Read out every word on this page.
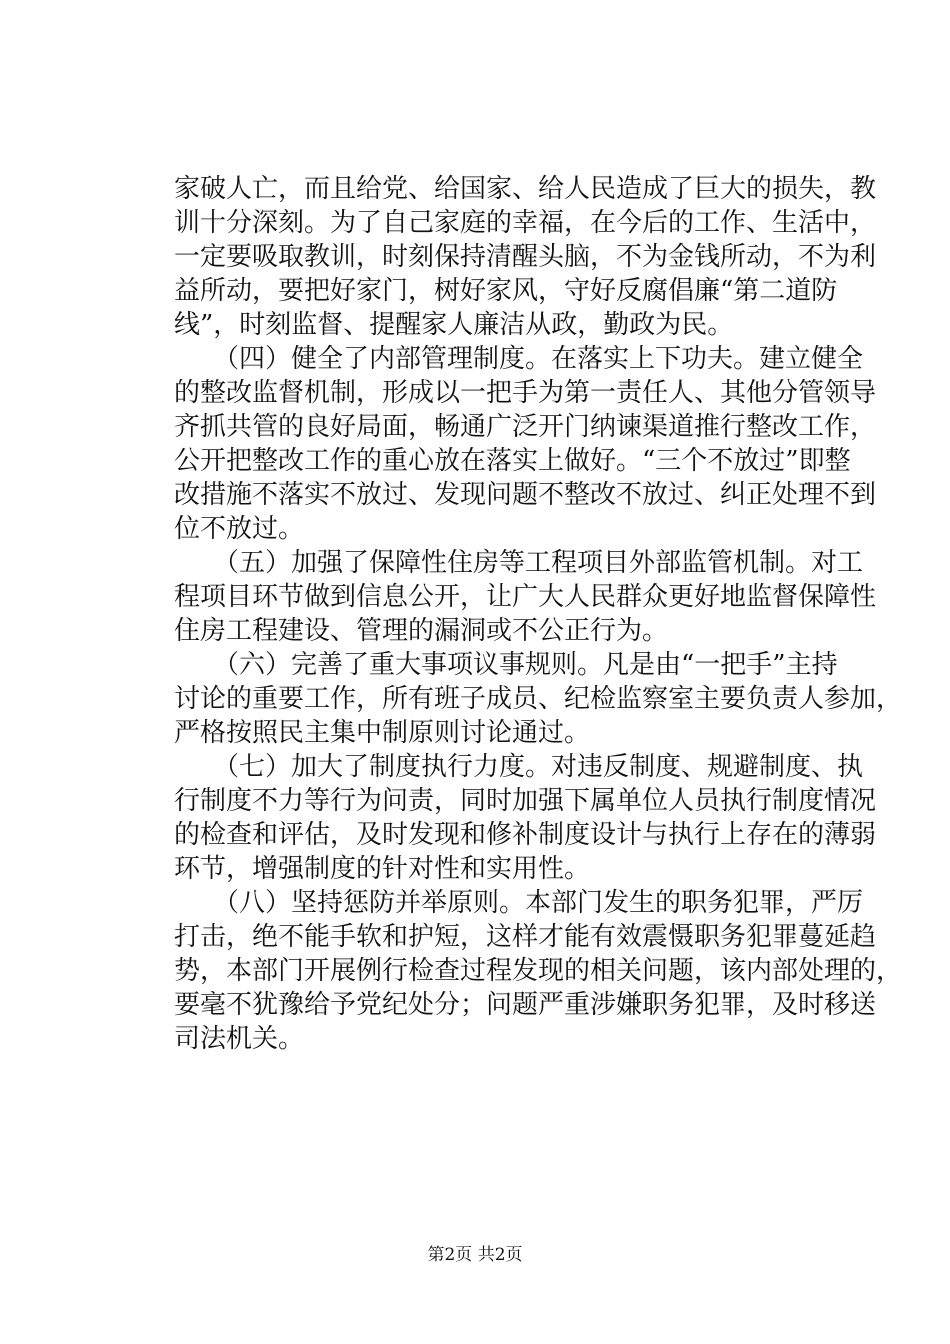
家破人亡，而且给党、给国家、给人民造成了巨大的损失，教
训十分深刻。为了自己家庭的幸福，在今后的工作、生活中，
一定要吸取教训，时刻保持清醒头脑，不为金钱所动，不为利
益所动，要把好家门，树好家风，守好反腐倡廉“第二道防
线”，时刻监督、提醒家人廉洁从政，勤政为民。
　　（四）健全了内部管理制度。在落实上下功夫。建立健全
的整改监督机制，形成以一把手为第一责任人、其他分管领导
齐抓共管的良好局面，畅通广泛开门纳谏渠道推行整改工作，
公开把整改工作的重心放在落实上做好。“三个不放过”即整
改措施不落实不放过、发现问题不整改不放过、纠正处理不到
位不放过。
　　（五）加强了保障性住房等工程项目外部监管机制。对工
程项目环节做到信息公开，让广大人民群众更好地监督保障性
住房工程建设、管理的漏洞或不公正行为。
　　（六）完善了重大事项议事规则。凡是由“一把手”主持
讨论的重要工作，所有班子成员、纪检监察室主要负责人参加，
严格按照民主集中制原则讨论通过。
　　（七）加大了制度执行力度。对违反制度、规避制度、执
行制度不力等行为问责，同时加强下属单位人员执行制度情况
的检查和评估，及时发现和修补制度设计与执行上存在的薄弱
环节，增强制度的针对性和实用性。
　　（八）坚持惩防并举原则。本部门发生的职务犯罪，严厉
打击，绝不能手软和护短，这样才能有效震慑职务犯罪蔓延趋
势，本部门开展例行检查过程发现的相关问题，该内部处理的，
要毫不犹豫给予党纪处分；问题严重涉嫌职务犯罪，及时移送
司法机关。
第2页 共2页
